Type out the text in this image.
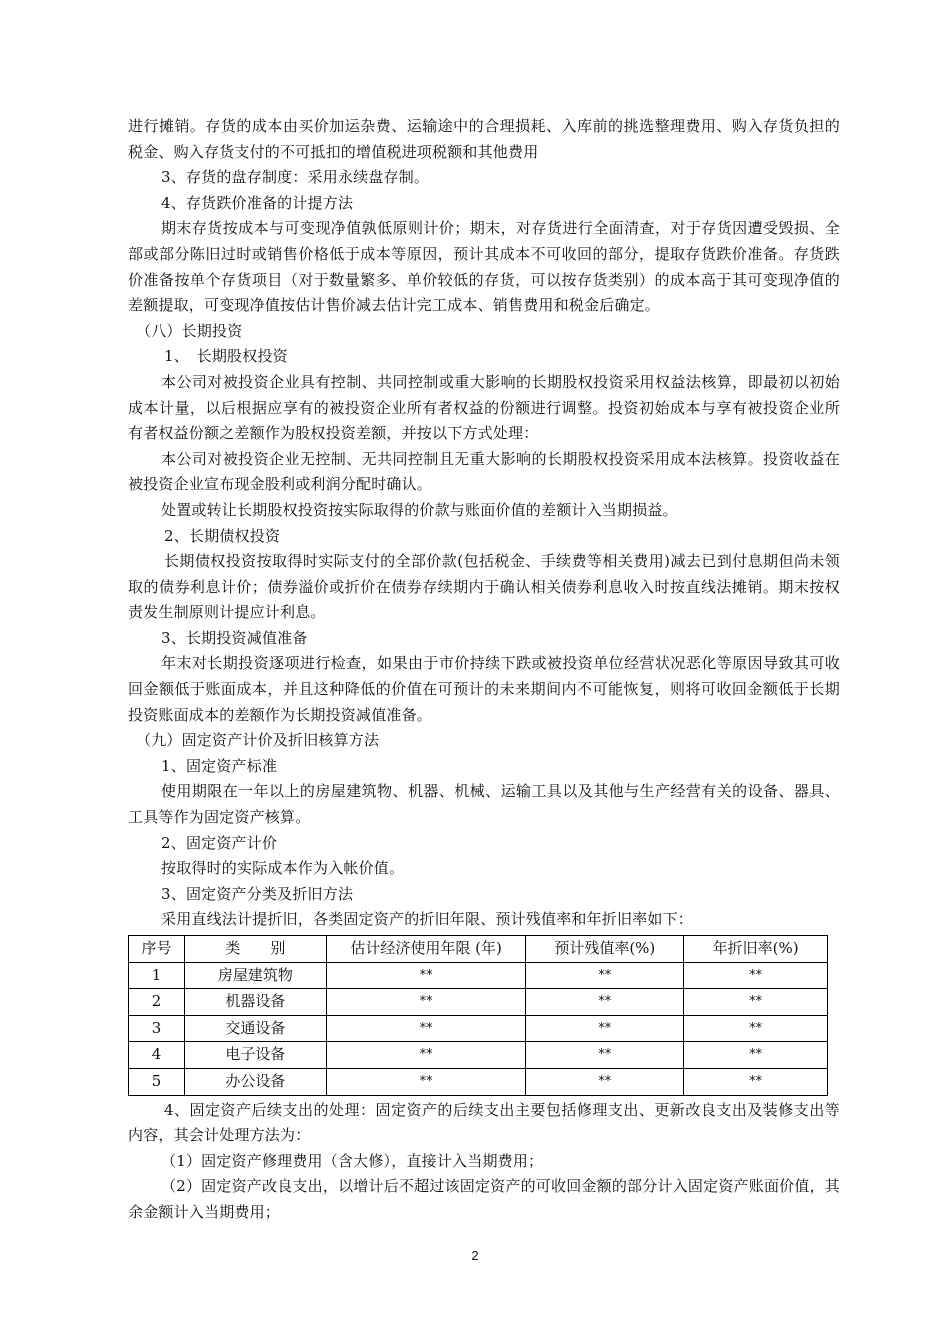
进行摊销。存货的成本由买价加运杂费、运输途中的合理损耗、入库前的挑选整理费用、购入存货负担的税金、购入存货支付的不可抵扣的增值税进项税额和其他费用

3、存货的盘存制度：采用永续盘存制。

4、存货跌价准备的计提方法

期末存货按成本与可变现净值孰低原则计价；期末，对存货进行全面清查，对于存货因遭受毁损、全部或部分陈旧过时或销售价格低于成本等原因，预计其成本不可收回的部分，提取存货跌价准备。存货跌价准备按单个存货项目（对于数量繁多、单价较低的存货，可以按存货类别）的成本高于其可变现净值的差额提取，可变现净值按估计售价减去估计完工成本、销售费用和税金后确定。

（八）长期投资

1、　长期股权投资

本公司对被投资企业具有控制、共同控制或重大影响的长期股权投资采用权益法核算，即最初以初始成本计量，以后根据应享有的被投资企业所有者权益的份额进行调整。投资初始成本与享有被投资企业所有者权益份额之差额作为股权投资差额，并按以下方式处理：

本公司对被投资企业无控制、无共同控制且无重大影响的长期股权投资采用成本法核算。投资收益在被投资企业宣布现金股利或利润分配时确认。

处置或转让长期股权投资按实际取得的价款与账面价值的差额计入当期损益。

2、长期债权投资

长期债权投资按取得时实际支付的全部价款(包括税金、手续费等相关费用)减去已到付息期但尚未领取的债券利息计价；债券溢价或折价在债券存续期内于确认相关债券利息收入时按直线法摊销。期末按权责发生制原则计提应计利息。

3、长期投资减值准备

年末对长期投资逐项进行检查，如果由于市价持续下跌或被投资单位经营状况恶化等原因导致其可收回金额低于账面成本，并且这种降低的价值在可预计的未来期间内不可能恢复，则将可收回金额低于长期投资账面成本的差额作为长期投资减值准备。

（九）固定资产计价及折旧核算方法

1、固定资产标准

使用期限在一年以上的房屋建筑物、机器、机械、运输工具以及其他与生产经营有关的设备、器具、工具等作为固定资产核算。

2、固定资产计价

按取得时的实际成本作为入帐价值。

3、固定资产分类及折旧方法

采用直线法计提折旧，各类固定资产的折旧年限、预计残值率和年折旧率如下：

序号	类　　别	估计经济使用年限 (年)	预计残值率(%)	年折旧率(%)
1	房屋建筑物	**	**	**
2	机器设备	**	**	**
3	交通设备	**	**	**
4	电子设备	**	**	**
5	办公设备	**	**	**

4、固定资产后续支出的处理：固定资产的后续支出主要包括修理支出、更新改良支出及装修支出等内容，其会计处理方法为：

（1）固定资产修理费用（含大修），直接计入当期费用；

（2）固定资产改良支出，以增计后不超过该固定资产的可收回金额的部分计入固定资产账面价值，其余金额计入当期费用；

2
